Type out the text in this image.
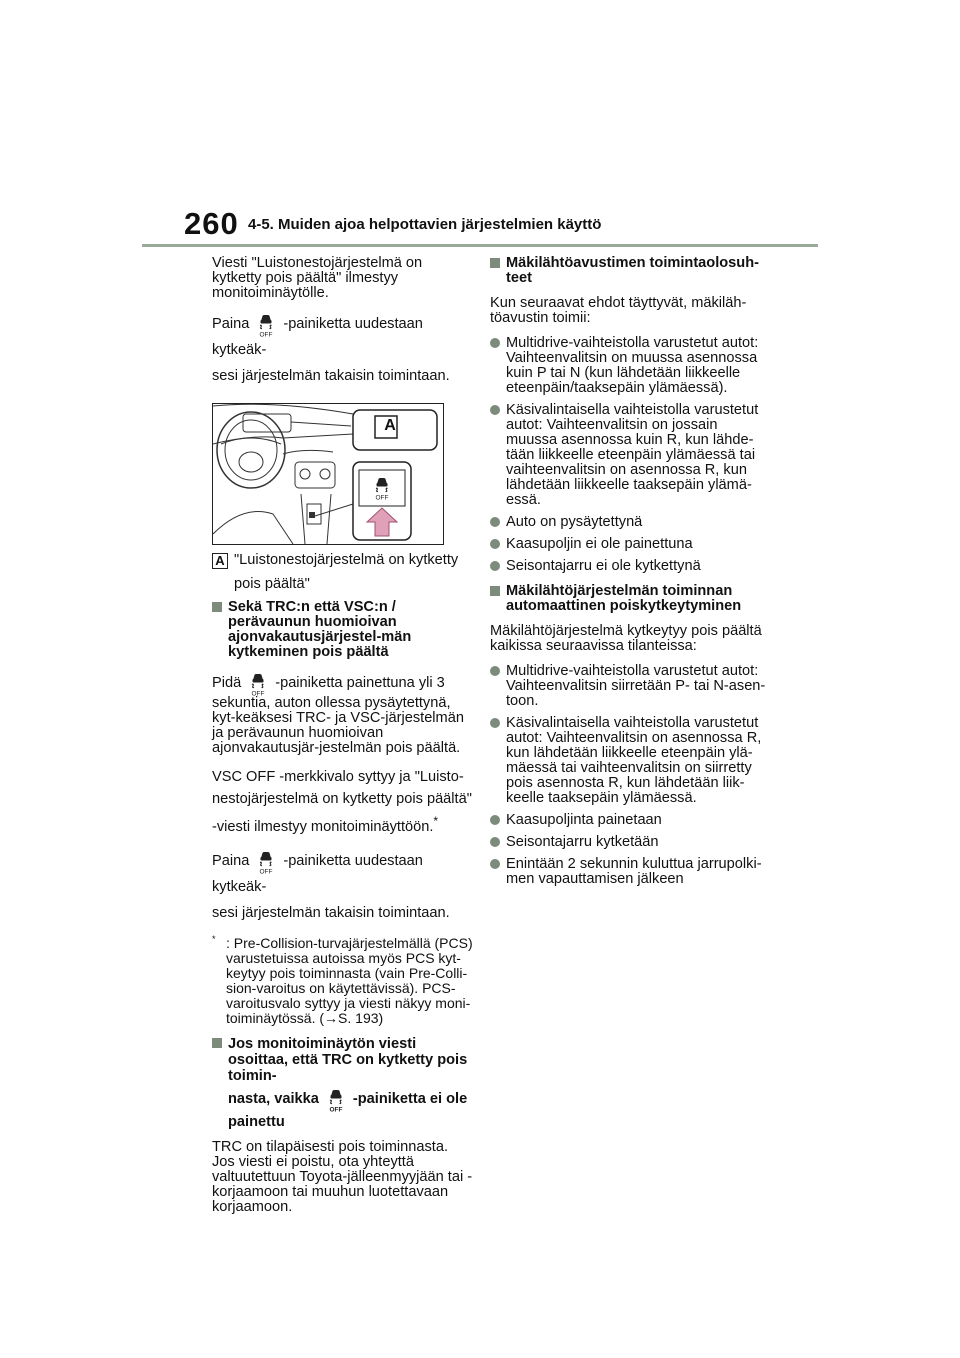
260 4-5. Muiden ajoa helpottavien järjestelmien käyttö

Viesti "Luistonestojärjestelmä on kytketty pois päältä" ilmestyy monitoiminäytölle.

Paina -painiketta uudestaan kytkeäk-
sesi järjestelmän takaisin toimintaan.

A
A "Luistonestojärjestelmä on kytketty
pois päältä"
Sekä TRC:n että VSC:n / perävaunun huomioivan ajonvakautusjärjestel-män kytkeminen pois päältä

Pidä -painiketta painettuna yli 3
sekuntia, auton ollessa pysäytettynä, kyt-keäksesi TRC- ja VSC-järjestelmän ja perävaunun huomioivan ajonvakautusjär-jestelmän pois päältä.

VSC OFF -merkkivalo syttyy ja "Luisto-
nestojärjestelmä on kytketty pois päältä"
-viesti ilmestyy monitoiminäyttöön.*

Paina -painiketta uudestaan kytkeäk-
sesi järjestelmän takaisin toimintaan.

* : Pre-Collision-turvajärjestelmällä (PCS) varustetuissa autoissa myös PCS kyt-keytyy pois toiminnasta (vain Pre-Colli-sion-varoitus on käytettävissä). PCS-varoitusvalo syttyy ja viesti näkyy moni-toiminäytössä. (→S. 193)

Jos monitoiminäytön viesti osoittaa, että TRC on kytketty pois toimin-
nasta, vaikka -painiketta ei ole
painettu

TRC on tilapäisesti pois toiminnasta. Jos viesti ei poistu, ota yhteyttä valtuutettuun Toyota-jälleenmyyjään tai -korjaamoon tai muuhun luotettavaan korjaamoon.

Mäkilähtöavustimen toimintaolosuh-teet

Kun seuraavat ehdot täyttyvät, mäkiläh-töavustin toimii:

Multidrive-vaihteistolla varustetut autot: Vaihteenvalitsin on muussa asennossa kuin P tai N (kun lähdetään liikkeelle eteenpäin/taaksepäin ylämäessä).
Käsivalintaisella vaihteistolla varustetut autot: Vaihteenvalitsin on jossain muussa asennossa kuin R, kun lähde-tään liikkeelle eteenpäin ylämäessä tai vaihteenvalitsin on asennossa R, kun lähdetään liikkeelle taaksepäin ylämä-essä.
Auto on pysäytettynä
Kaasupoljin ei ole painettuna
Seisontajarru ei ole kytkettynä
Mäkilähtöjärjestelmän toiminnan automaattinen poiskytkeytyminen

Mäkilähtöjärjestelmä kytkeytyy pois päältä kaikissa seuraavissa tilanteissa:

Multidrive-vaihteistolla varustetut autot: Vaihteenvalitsin siirretään P- tai N-asen-toon.
Käsivalintaisella vaihteistolla varustetut autot: Vaihteenvalitsin on asennossa R, kun lähdetään liikkeelle eteenpäin ylä-mäessä tai vaihteenvalitsin on siirretty pois asennosta R, kun lähdetään liik-keelle taaksepäin ylämäessä.
Kaasupoljinta painetaan
Seisontajarru kytketään
Enintään 2 sekunnin kuluttua jarrupolki-men vapauttamisen jälkeen
